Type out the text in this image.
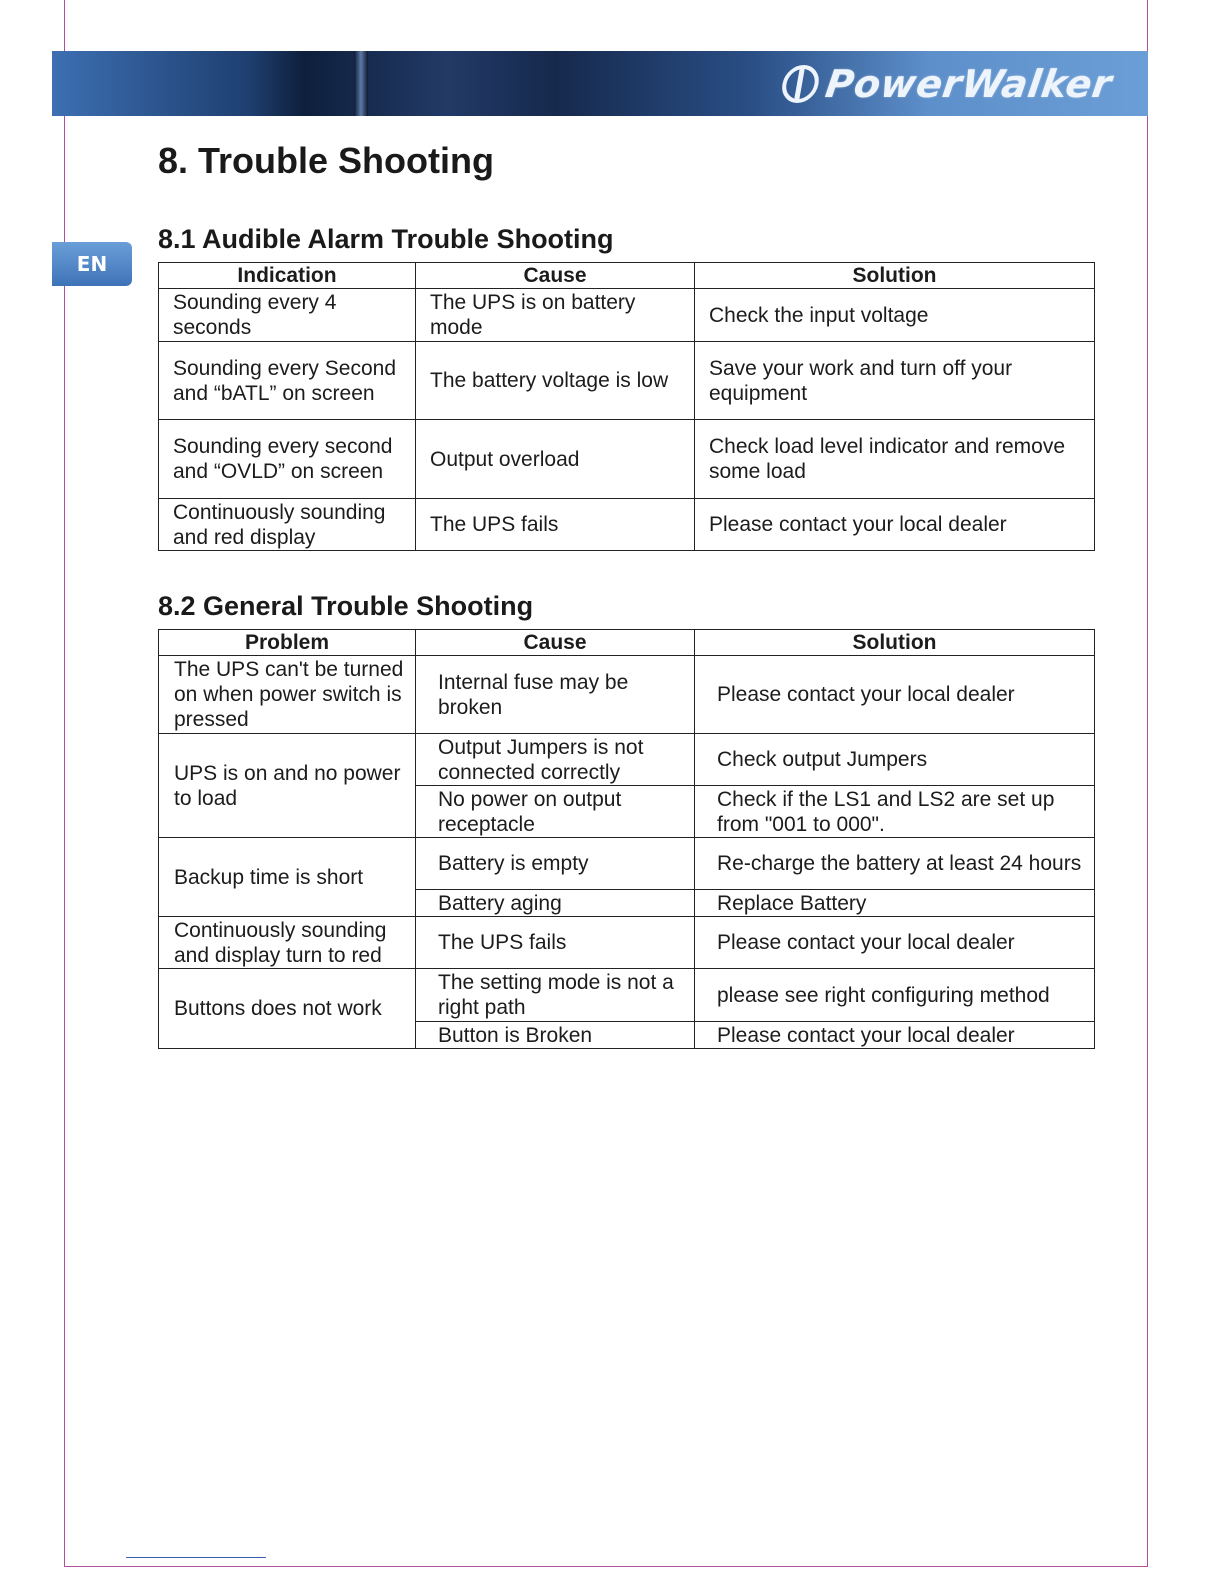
PowerWalker
EN
8. Trouble Shooting
8.1 Audible Alarm Trouble Shooting
Indication	Cause	Solution
Sounding every 4 seconds	The UPS is on battery mode	Check the input voltage
Sounding every Second and “bATL” on screen	The battery voltage is low	Save your work and turn off your equipment
Sounding every second and “OVLD” on screen	Output overload	Check load level indicator and remove some load
Continuously sounding and red display	The UPS fails	Please contact your local dealer
8.2 General Trouble Shooting
Problem	Cause	Solution
The UPS can't be turned on when power switch is pressed	Internal fuse may be broken	Please contact your local dealer
UPS is on and no power to load	Output Jumpers is not connected correctly	Check output Jumpers
	No power on output receptacle	Check if the LS1 and LS2 are set up from "001 to 000".
Backup time is short	Battery is empty	Re-charge the battery at least 24 hours
	Battery aging	Replace Battery
Continuously sounding and display turn to red	The UPS fails	Please contact your local dealer
Buttons does not work	The setting mode is not a right path	please see right configuring method
	Button is Broken	Please contact your local dealer
